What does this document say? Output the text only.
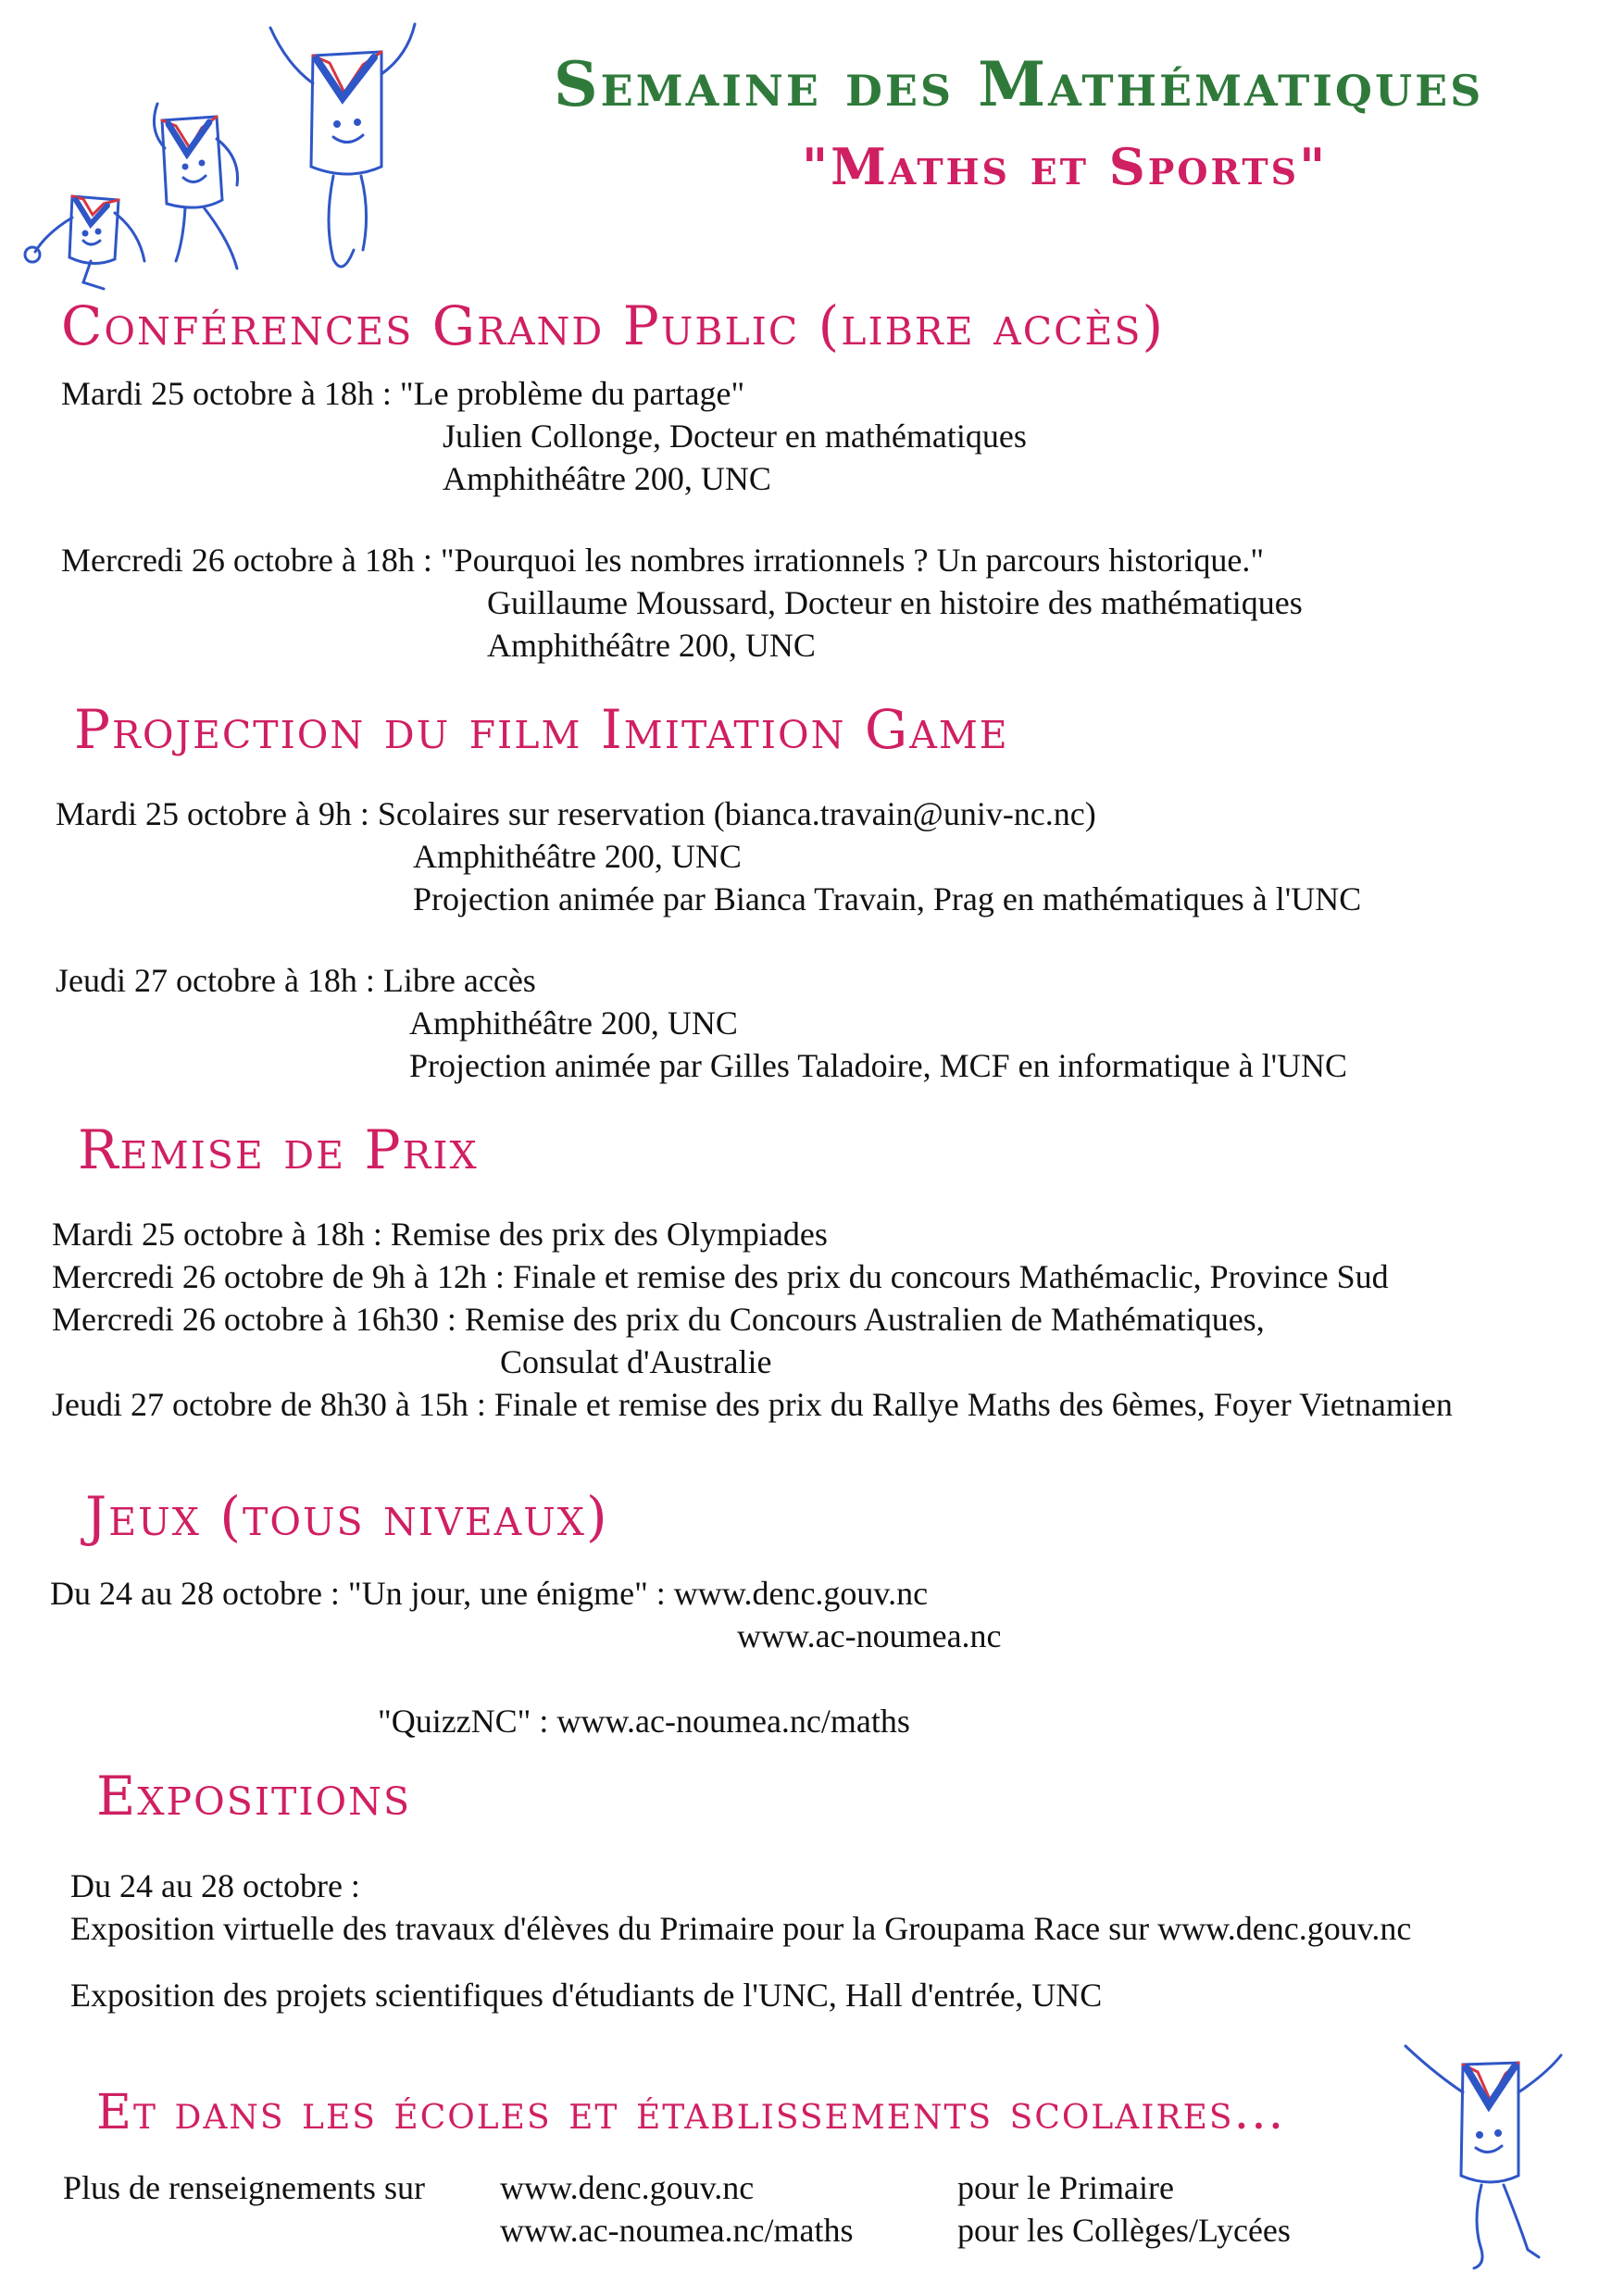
Semaine des Mathématiques
"Maths et Sports"
Conférences Grand Public (libre accès)
Mardi 25 octobre à 18h : "Le problème du partage"
Julien Collonge, Docteur en mathématiques
Amphithéâtre 200, UNC
Mercredi 26 octobre à 18h : "Pourquoi les nombres irrationnels ? Un parcours historique."
Guillaume Moussard, Docteur en histoire des mathématiques
Amphithéâtre 200, UNC
Projection du film Imitation Game
Mardi 25 octobre à 9h : Scolaires sur reservation (bianca.travain@univ-nc.nc)
Amphithéâtre 200, UNC
Projection animée par Bianca Travain, Prag en mathématiques à l'UNC
Jeudi 27 octobre à 18h : Libre accès
Amphithéâtre 200, UNC
Projection animée par Gilles Taladoire, MCF en informatique à l'UNC
Remise de Prix
Mardi 25 octobre à 18h : Remise des prix des Olympiades
Mercredi 26 octobre de 9h à 12h : Finale et remise des prix du concours Mathémaclic, Province Sud
Mercredi 26 octobre à 16h30 : Remise des prix du Concours Australien de Mathématiques,
Consulat d'Australie
Jeudi 27 octobre de 8h30 à 15h : Finale et remise des prix du Rallye Maths des 6èmes, Foyer Vietnamien
Jeux (tous niveaux)
Du 24 au 28 octobre : "Un jour, une énigme" : www.denc.gouv.nc
www.ac-noumea.nc
"QuizzNC" : www.ac-noumea.nc/maths
Expositions
Du 24 au 28 octobre :
Exposition virtuelle des travaux d'élèves du Primaire pour la Groupama Race sur www.denc.gouv.nc
Exposition des projets scientifiques d'étudiants de l'UNC, Hall d'entrée, UNC
Et dans les écoles et établissements scolaires...
Plus de renseignements sur www.denc.gouv.nc
www.ac-noumea.nc/maths
pour le Primaire
pour les Collèges/Lycées
